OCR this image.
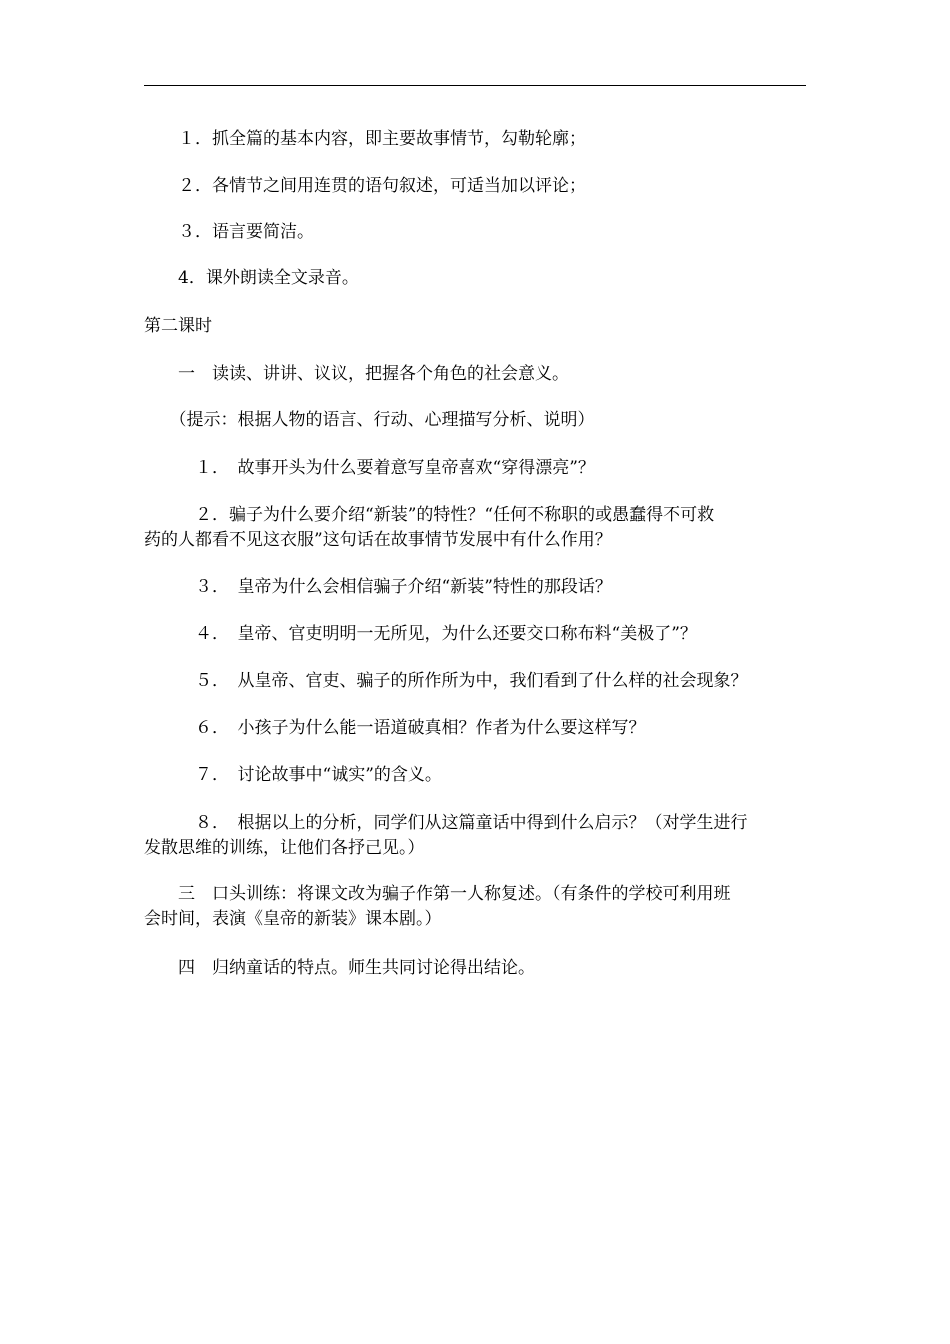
　　１．抓全篇的基本内容，即主要故事情节，勾勒轮廓；
　　２．各情节之间用连贯的语句叙述，可适当加以评论；
　　３．语言要简洁。
　　4．课外朗读全文录音。
第二课时
　　一　读读、讲讲、议议，把握各个角色的社会意义。
　　（提示：根据人物的语言、行动、心理描写分析、说明）
　　　１．　故事开头为什么要着意写皇帝喜欢“穿得漂亮”？
　　　２．骗子为什么要介绍“新装”的特性？“任何不称职的或愚蠢得不可救
药的人都看不见这衣服”这句话在故事情节发展中有什么作用？
　　　３．　皇帝为什么会相信骗子介绍“新装”特性的那段话？
　　　４．　皇帝、官吏明明一无所见，为什么还要交口称布料“美极了”？
　　　５．　从皇帝、官吏、骗子的所作所为中，我们看到了什么样的社会现象？
　　　６．　小孩子为什么能一语道破真相？作者为什么要这样写？
　　　７．　讨论故事中“诚实”的含义。
　　　８．　根据以上的分析，同学们从这篇童话中得到什么启示？（对学生进行
发散思维的训练，让他们各抒己见。）
　　三　口头训练：将课文改为骗子作第一人称复述。（有条件的学校可利用班
会时间，表演《皇帝的新装》课本剧。）
　　四　归纳童话的特点。师生共同讨论得出结论。
